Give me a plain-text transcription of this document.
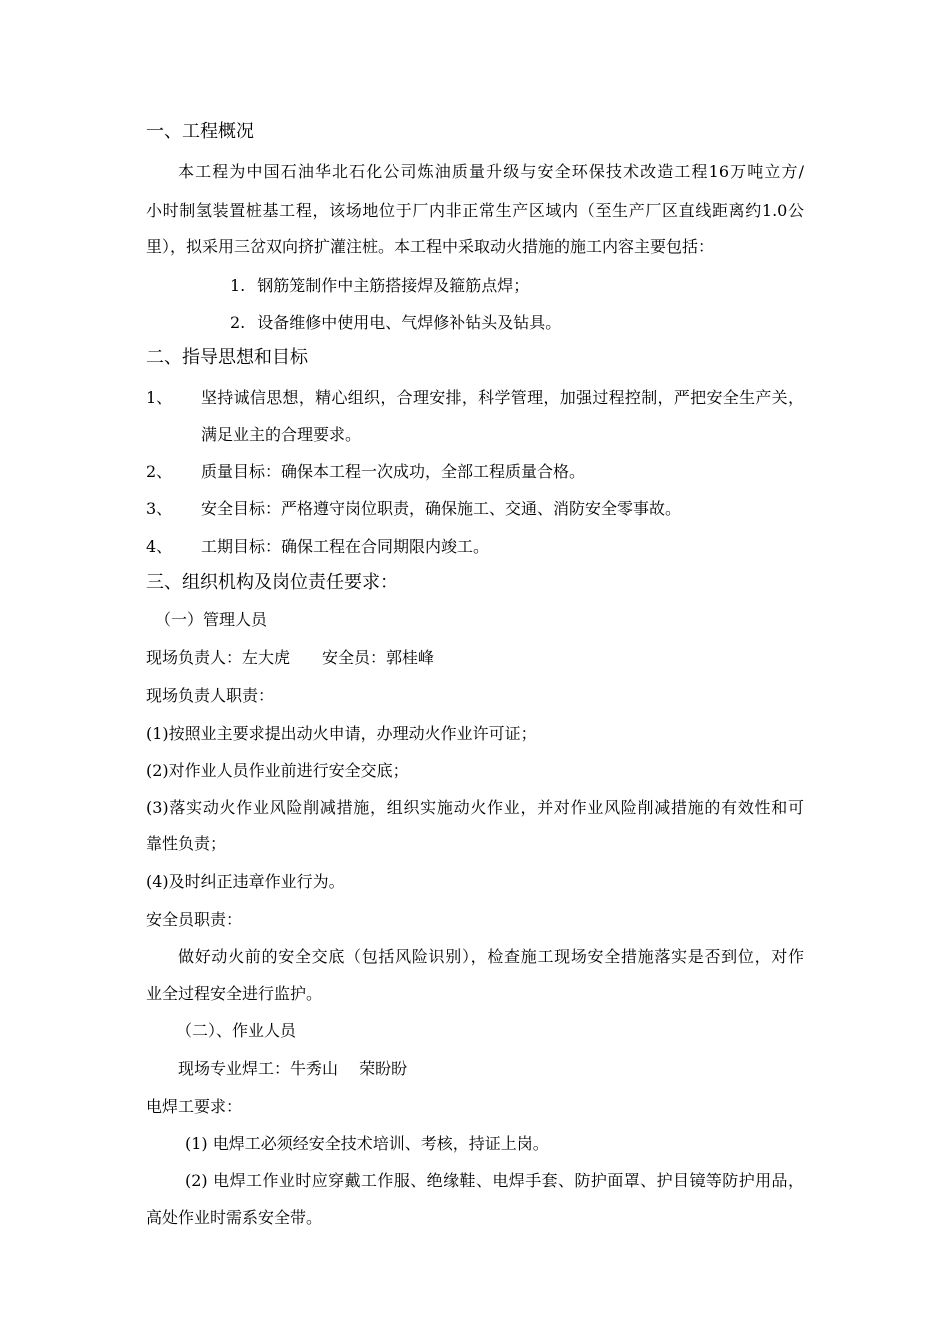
一、工程概况
本工程为中国石油华北石化公司炼油质量升级与安全环保技术改造工程16万吨立方/
小时制氢装置桩基工程，该场地位于厂内非正常生产区域内（至生产厂区直线距离约1.0公
里），拟采用三岔双向挤扩灌注桩。本工程中采取动火措施的施工内容主要包括：
1. 钢筋笼制作中主筋搭接焊及箍筋点焊；
2. 设备维修中使用电、气焊修补钻头及钻具。
二、指导思想和目标
1、 坚持诚信思想，精心组织，合理安排，科学管理，加强过程控制，严把安全生产关，
满足业主的合理要求。
2、 质量目标：确保本工程一次成功，全部工程质量合格。
3、 安全目标：严格遵守岗位职责，确保施工、交通、消防安全零事故。
4、 工期目标：确保工程在合同期限内竣工。
三、组织机构及岗位责任要求：
（一）管理人员
现场负责人：左大虎　　安全员：郭桂峰
现场负责人职责：
(1)按照业主要求提出动火申请，办理动火作业许可证；
(2)对作业人员作业前进行安全交底；
(3)落实动火作业风险削减措施，组织实施动火作业，并对作业风险削减措施的有效性和可
靠性负责；
(4)及时纠正违章作业行为。
安全员职责：
做好动火前的安全交底（包括风险识别），检查施工现场安全措施落实是否到位，对作
业全过程安全进行监护。
（二）、作业人员
现场专业焊工：牛秀山　 荣盼盼
电焊工要求：
(1) 电焊工必须经安全技术培训、考核，持证上岗。
(2) 电焊工作业时应穿戴工作服、绝缘鞋、电焊手套、防护面罩、护目镜等防护用品，
高处作业时需系安全带。
